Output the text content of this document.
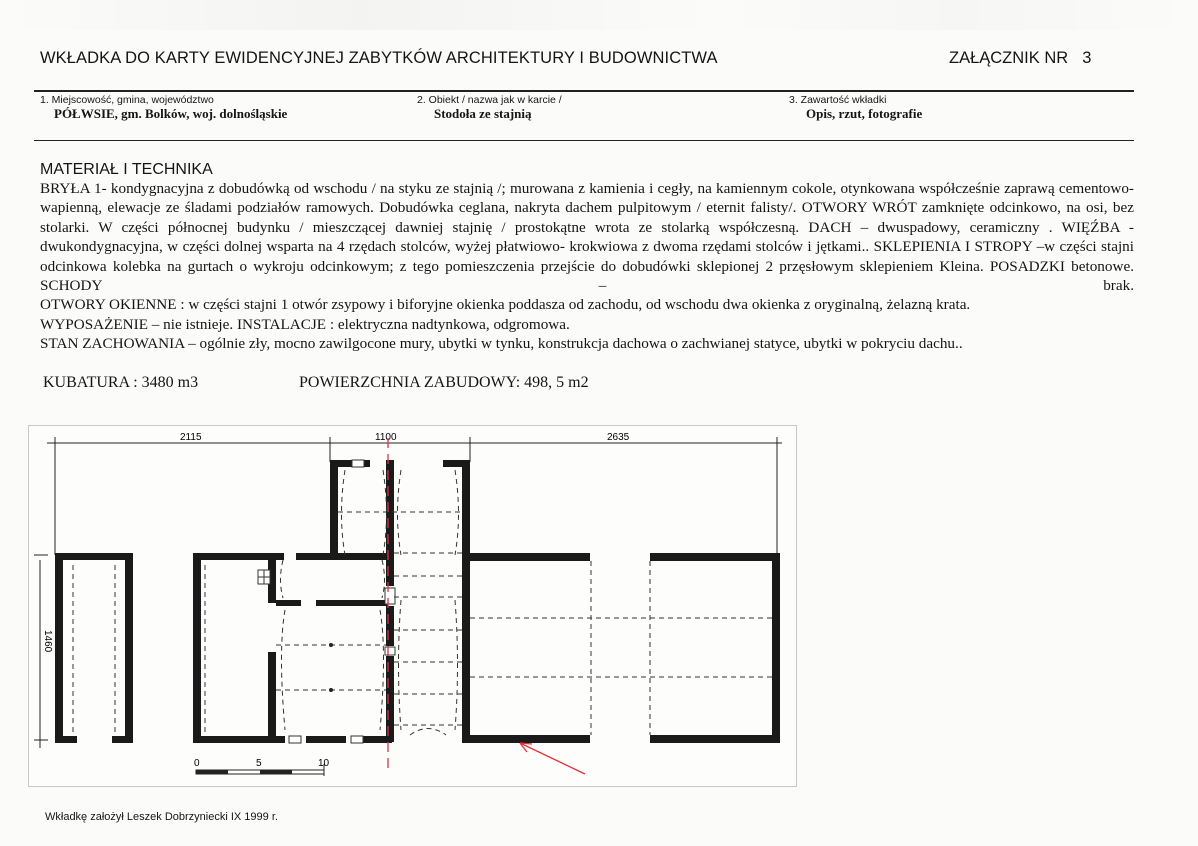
WKŁADKA DO KARTY EWIDENCYJNEJ ZABYTKÓW ARCHITEKTURY I BUDOWNICTWA	ZAŁĄCZNIK NR 3
1. Miejscowość, gmina, województwo
PÓŁWSIE, gm. Bolków, woj. dolnośląskie
2. Obiekt / nazwa jak w karcie /
Stodoła ze stajnią
3. Zawartość wkładki
Opis, rzut, fotografie
MATERIAŁ I TECHNIKA

BRYŁA 1- kondygnacyjna z dobudówką od wschodu / na styku ze stajnią /; murowana z kamienia i cegły, na kamiennym cokole, otynkowana współcześnie zaprawą cementowo-wapienną, elewacje ze śladami podziałów ramowych. Dobudówka ceglana, nakryta dachem pulpitowym / eternit falisty/. OTWORY WRÓT zamknięte odcinkowo, na osi, bez stolarki. W części północnej budynku / mieszczącej dawniej stajnię / prostokątne wrota ze stolarką współczesną. DACH – dwuspadowy, ceramiczny . WIĘŹBA - dwukondygnacyjna, w części dolnej wsparta na 4 rzędach stolców, wyżej płatwiowo- krokwiowa z dwoma rzędami stolców i jętkami.. SKLEPIENIA I STROPY –w części stajni odcinkowa kolebka na gurtach o wykroju odcinkowym; z tego pomieszczenia przejście do dobudówki sklepionej 2 przęsłowym sklepieniem Kleina. POSADZKI betonowe. SCHODY – brak.

OTWORY OKIENNE : w części stajni 1 otwór zsypowy i biforyjne okienka poddasza od zachodu, od wschodu dwa okienka z oryginalną, żelazną krata.

WYPOSAŻENIE – nie istnieje. INSTALACJE : elektryczna nadtynkowa, odgromowa.

STAN ZACHOWANIA – ogólnie zły, mocno zawilgocone mury, ubytki w tynku, konstrukcja dachowa o zachwianej statyce, ubytki w pokryciu dachu..

KUBATURA : 3480 m3	POWIERZCHNIA ZABUDOWY: 498, 5 m2
2115	1100	2635
1460
0	5	10
Wkładkę założył Leszek Dobrzyniecki IX 1999 r.
